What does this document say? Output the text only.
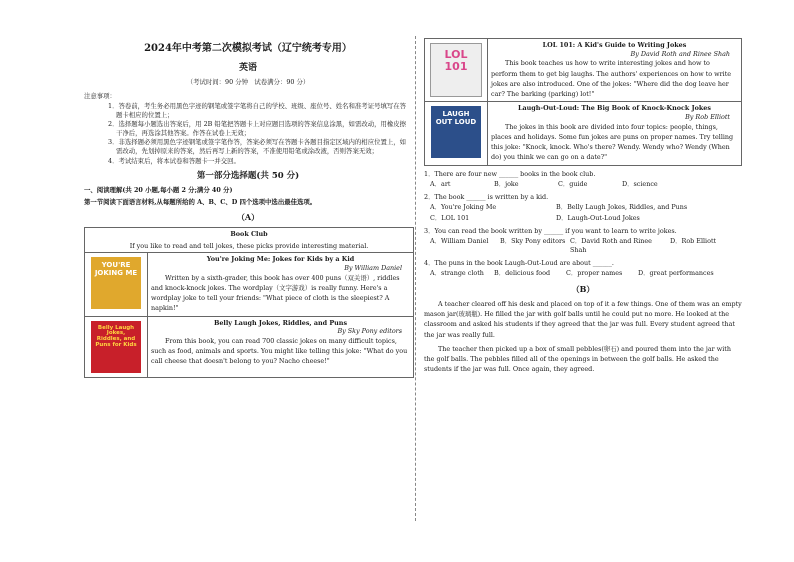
2024年中考第二次模拟考试（辽宁统考专用）
英语
（考试时间：90 分钟　试卷满分：90 分）
注意事项：
1．答卷前，考生务必用黑色字迹的钢笔或签字笔将自己的学校、班级、座位号、姓名和准考证号填写在答题卡相应的位置上；
2．选择题每小题选出答案后，用 2B 铅笔把答题卡上对应题目选项的答案信息涂黑，如需改动，用橡皮擦干净后，再选涂其他答案。作答在试卷上无效；
3．非选择题必须用黑色字迹钢笔或签字笔作答，答案必须写在答题卡各题目指定区域内的相应位置上，如需改动，先划掉原来的答案，然后再写上新的答案，不准使用铅笔或涂改液，否则答案无效；
4．考试结束后，将本试卷和答题卡一并交回。
第一部分选择题(共 50 分)
一、阅读理解(共 20 小题,每小题 2 分;满分 40 分)
第一节阅读下面语言材料,从每题所给的 A、B、C、D 四个选项中选出最佳选项。
（A）
Book Club
If you like to read and tell jokes, these picks provide interesting material.	

YOU'RE JOKING ME	You're Joking Me: Jokes for Kids by a Kid
By William Daniel
Written by a sixth-grader, this book has over 400 puns（双关语）, riddles and knock-knock jokes. The wordplay（文字游戏）is really funny. Here's a wordplay joke to tell your friends: "What piece of cloth is the sleepiest? A napkin!"

Belly Laugh Jokes, Riddles, and Puns for Kids	Belly Laugh Jokes, Riddles, and Puns
By Sky Pony editors
From this book, you can read 700 classic jokes on many difficult topics, such as food, animals and sports. You might like telling this joke: "What do you call cheese that doesn't belong to you? Nacho cheese!"
LOL 101	LOL 101: A Kid's Guide to Writing Jokes
By David Roth and Rinee Shah
This book teaches us how to write interesting jokes and how to perform them to get big laughs. The authors' experiences on how to write jokes are also introduced. One of the jokes: "Where did the dog leave her car? The barking (parking) lot!"

LAUGH OUT LOUD	Laugh-Out-Loud: The Big Book of Knock-Knock Jokes
By Rob Elliott
The jokes in this book are divided into four topics: people, things, places and holidays. Some fun jokes are puns on proper names. Try telling this joke: "Knock, knock. Who's there? Wendy. Wendy who? Wendy (When do) you think we can go on a date?"
1．There are four new ______ books in the book club.
A．art	B．joke	C．guide	D．science
2．The book ______ is written by a kid.
A．You're Joking Me	B．Belly Laugh Jokes, Riddles, and Puns
C．LOL 101	D．Laugh-Out-Loud Jokes
3．You can read the book written by ______ if you want to learn to write jokes.
A．William Daniel	B．Sky Pony editors C．David Roth and Rinee Shah
D．Rob Elliott
4．The puns in the book Laugh-Out-Loud are about ______.
A．strange cloth	B．delicious food	C．proper names	D．great performances
（B）
A teacher cleared off his desk and placed on top of it a few things. One of them was an empty mason jar(玻璃瓶). He filled the jar with golf balls until he could put no more. He looked at the classroom and asked his students if they agreed that the jar was full. Every student agreed that the jar was really full.
The teacher then picked up a box of small pebbles(卵石) and poured them into the jar with the golf balls. The pebbles filled all of the openings in between the golf balls. He asked the students if the jar was full. Once again, they agreed.
